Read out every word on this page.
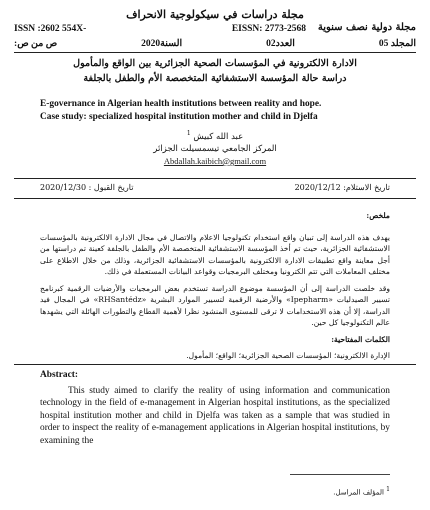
مجلة دراسات في سيكولوجية الانحراف
مجلة دولية نصف سنوية
ISSN :2602 554X-	EISSN: 2773-2568
المجلد 05
العدد02
السنة2020
ص من ص:
الادارة الالكترونية في المؤسسات الصحية الجزائرية بين الواقع والمأمول
دراسة حالة المؤسسة الاستشفائية المتخصصة الأم والطفل بالجلفة
E-governance in Algerian health institutions between reality and hope.
Case study: specialized hospital institution mother and child in Djelfa
عبد الله كبيش $^1$
المركز الجامعي تيسمسيلت الجزائر
Abdallah.kaibich@gmail.com
تاريخ الاستلام: 2020/12/12
تاريخ القبول : 2020/12/30

ملخص:

يهدف هذه الدراسة إلى تبيان واقع استخدام تكنولوجيا الاعلام والاتصال في مجال الادارة الالكترونية بالمؤسسات الاستشفائية الجزائرية، حيث تم أخذ المؤسسة الاستشفائية المتخصصة الأم والطفل بالجلفة كعينة تم دراستها من أجل معاينة واقع تطبيقات الادارة الالكترونية بالمؤسسات الاستشفائية الجزائرية، وذلك من خلال الاطلاع على مختلف المعاملات التي تتم الكترونيا ومختلف البرمجيات وقواعد البيانات المستعملة في ذلك.

وقد خلصت الدراسة إلى أن المؤسسة موضوع الدراسة تستخدم بعض البرمجيات والأرضيات الرقمية كبرنامج تسيير الصيدليات «Ipepharm» والأرضية الرقمية لتسيير الموارد البشرية «RHSantédz» في المجال فيد الدراسة، إلا أن هذه الاستخدامات لا ترقى للمستوى المنشود نظرا لأهمية القطاع والتطورات الهائلة التي يشهدها عالم التكنولوجيا كل حين.

الكلمات المفتاحية:

الإدارة الالكترونية؛ المؤسسات الصحية الجزائرية؛ الواقع؛ المأمول.

Abstract:

This study aimed to clarify the reality of using information and communication technology in the field of e-management in Algerian hospital institutions, as the specialized hospital institution mother and child in Djelfa was taken as a sample that was studied in order to inspect the reality of e-management applications in Algerian hospital institutions, by examining the

1 المؤلف المراسل.
